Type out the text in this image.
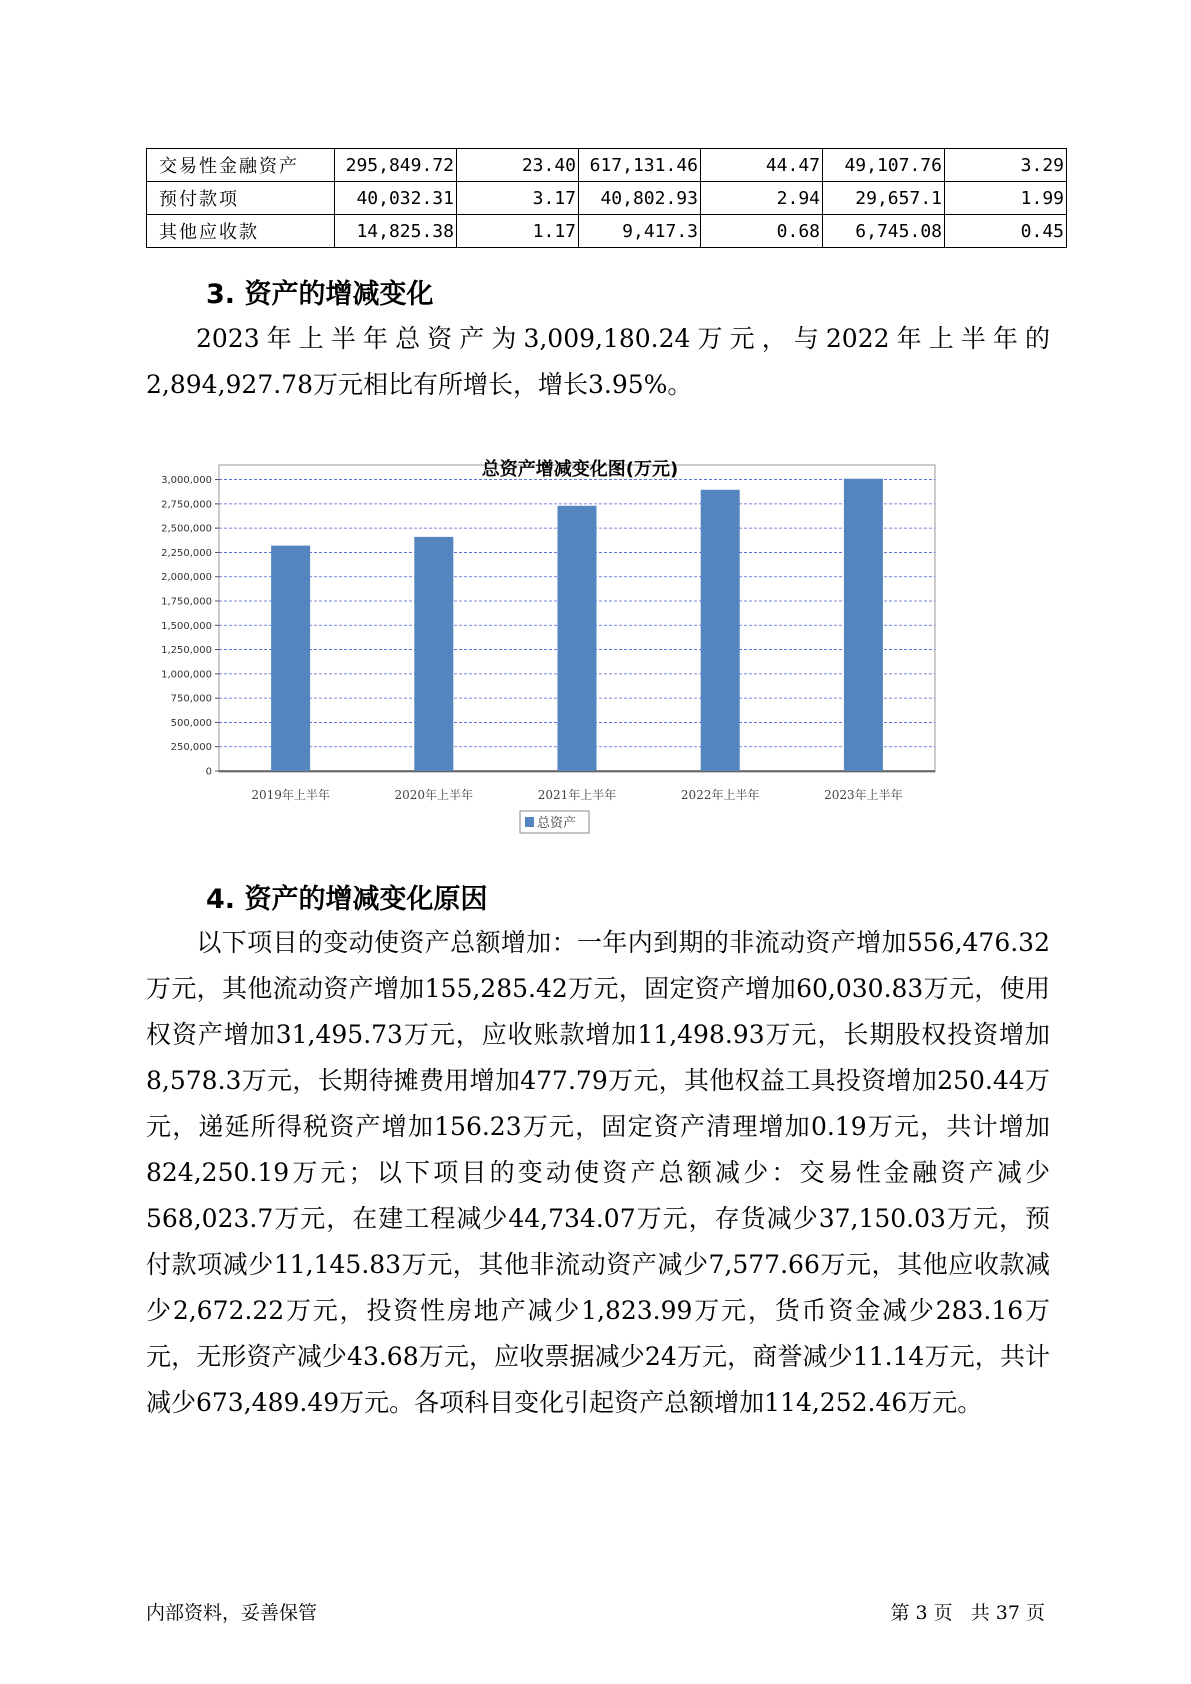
交易性金融资产	295,849.72	23.40	617,131.46	44.47	49,107.76	3.29
预付款项	40,032.31	3.17	40,802.93	2.94	29,657.1	1.99
其他应收款	14,825.38	1.17	9,417.3	0.68	6,745.08	0.45
3. 资产的增减变化

2023年上半年总资产为3,009,180.24万元，与2022年上半年的2,894,927.78万元相比有所增长，增长3.95%。

总资产增减变化图(万元)
0
250,000
500,000
750,000
1,000,000
1,250,000
1,500,000
1,750,000
2,000,000
2,250,000
2,500,000
2,750,000
3,000,000
2019年上半年	2020年上半年	2021年上半年	2022年上半年	2023年上半年
总资产
4. 资产的增减变化原因

以下项目的变动使资产总额增加：一年内到期的非流动资产增加556,476.32万元，其他流动资产增加155,285.42万元，固定资产增加60,030.83万元，使用权资产增加31,495.73万元，应收账款增加11,498.93万元，长期股权投资增加8,578.3万元，长期待摊费用增加477.79万元，其他权益工具投资增加250.44万元，递延所得税资产增加156.23万元，固定资产清理增加0.19万元，共计增加824,250.19万元；以下项目的变动使资产总额减少：交易性金融资产减少568,023.7万元，在建工程减少44,734.07万元，存货减少37,150.03万元，预付款项减少11,145.83万元，其他非流动资产减少7,577.66万元，其他应收款减少2,672.22万元，投资性房地产减少1,823.99万元，货币资金减少283.16万元，无形资产减少43.68万元，应收票据减少24万元，商誉减少11.14万元，共计减少673,489.49万元。各项科目变化引起资产总额增加114,252.46万元。

内部资料，妥善保管	第 3 页   共 37 页
